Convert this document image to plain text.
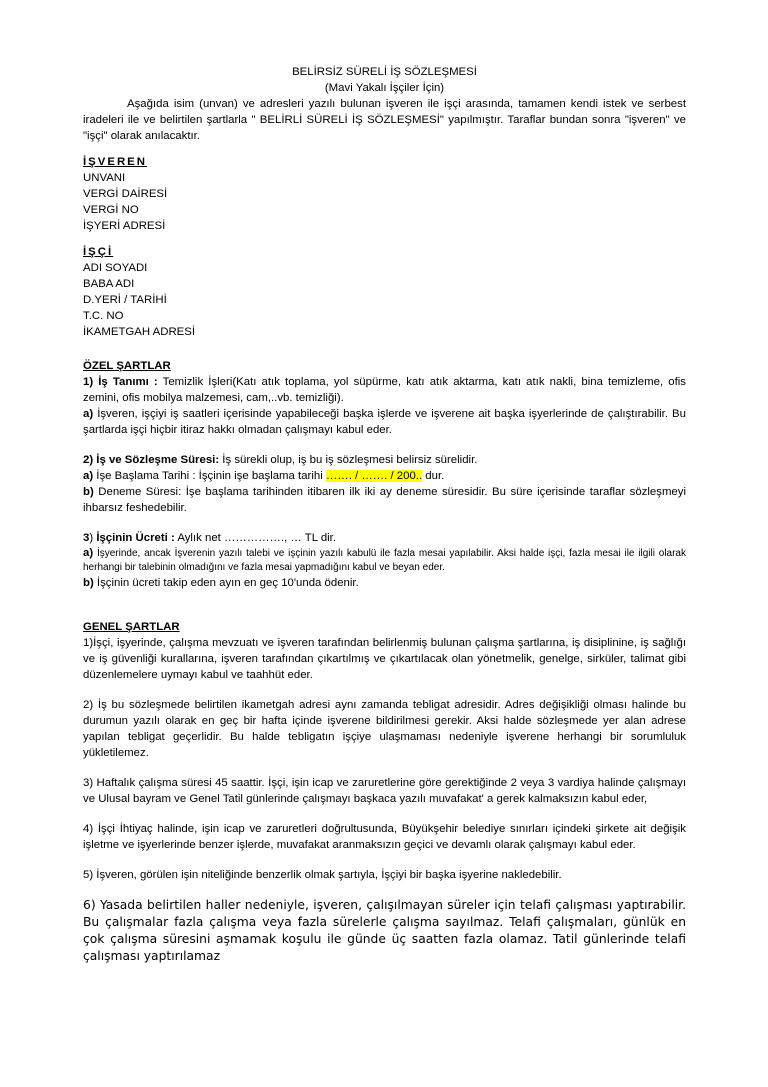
BELİRSİZ SÜRELİ İŞ SÖZLEŞMESİ

(Mavi Yakalı İşçiler İçin)

Aşağıda isim (unvan) ve adresleri yazılı bulunan işveren ile işçi arasında, tamamen kendi istek ve serbest iradeleri ile ve belirtilen şartlarla " BELİRLİ SÜRELİ İŞ SÖZLEŞMESİ" yapılmıştır. Taraflar bundan sonra "işveren" ve "işçi" olarak anılacaktır.

İŞVEREN

UNVANI

VERGİ DAİRESİ

VERGİ NO

İŞYERİ ADRESİ

İŞÇİ

ADI SOYADI

BABA ADI

D.YERİ / TARİHİ

T.C. NO

İKAMETGAH ADRESİ

ÖZEL ŞARTLAR

1) İş Tanımı : Temizlik İşleri(Katı atık toplama, yol süpürme, katı atık aktarma, katı atık nakli, bina temizleme, ofis zemini, ofis mobilya malzemesi, cam,..vb. temizliği).

a) İşveren, işçiyi iş saatleri içerisinde yapabileceği başka işlerde ve işverene ait başka işyerlerinde de çalıştırabilir. Bu şartlarda işçi hiçbir itiraz hakkı olmadan çalışmayı kabul eder.

2) İş ve Sözleşme Süresi: İş sürekli olup, iş bu iş sözleşmesi belirsiz sürelidir.

a) İşe Başlama Tarihi : İşçinin işe başlama tarihi ……. / ……. / 200.. dur.

b) Deneme Süresi: İşe başlama tarihinden itibaren ilk iki ay deneme süresidir. Bu süre içerisinde taraflar sözleşmeyi ihbarsız feshedebilir.

3) İşçinin Ücreti : Aylık net ……………., … TL dir.

a) İşyerinde, ancak İşverenin yazılı talebi ve işçinin yazılı kabulü ile fazla mesai yapılabilir. Aksi halde işçi, fazla mesai ile ilgili olarak herhangi bir talebinin olmadığını ve fazla mesai yapmadığını kabul ve beyan eder.

b) İşçinin ücreti takip eden ayın en geç 10'unda ödenir.

GENEL ŞARTLAR

1)İşçi, işyerinde, çalışma mevzuatı ve işveren tarafından belirlenmiş bulunan çalışma şartlarına, iş disiplinine, iş sağlığı ve iş güvenliği kurallarına, işveren tarafından çıkartılmış ve çıkartılacak olan yönetmelik, genelge, sirküler, talimat gibi düzenlemelere uymayı kabul ve taahhüt eder.

2) İş bu sözleşmede belirtilen ikametgah adresi aynı zamanda tebligat adresidir. Adres değişikliği olması halinde bu durumun yazılı olarak en geç bir hafta içinde işverene bildirilmesi gerekir. Aksi halde sözleşmede yer alan adrese yapılan tebligat geçerlidir. Bu halde tebligatın işçiye ulaşmaması nedeniyle işverene herhangi bir sorumluluk yükletilemez.

3) Haftalık çalışma süresi 45 saattir. İşçi, işin icap ve zaruretlerine göre gerektiğinde 2 veya 3 vardiya halinde çalışmayı ve Ulusal bayram ve Genel Tatil günlerinde çalışmayı başkaca yazılı muvafakat' a gerek kalmaksızın kabul eder,

4) İşçi İhtiyaç halinde, işin icap ve zaruretleri doğrultusunda, Büyükşehir belediye sınırları içindeki şirkete ait değişik işletme ve işyerlerinde benzer işlerde, muvafakat aranmaksızın geçici ve devamlı olarak çalışmayı kabul eder.

5) İşveren, görülen işin niteliğinde benzerlik olmak şartıyla, İşçiyi bir başka işyerine nakledebilir.

6) Yasada belirtilen haller nedeniyle, işveren, çalışılmayan süreler için telafi çalışması yaptırabilir. Bu çalışmalar fazla çalışma veya fazla sürelerle çalışma sayılmaz. Telafi çalışmaları, günlük en çok çalışma süresini aşmamak koşulu ile günde üç saatten fazla olamaz. Tatil günlerinde telafi çalışması yaptırılamaz
